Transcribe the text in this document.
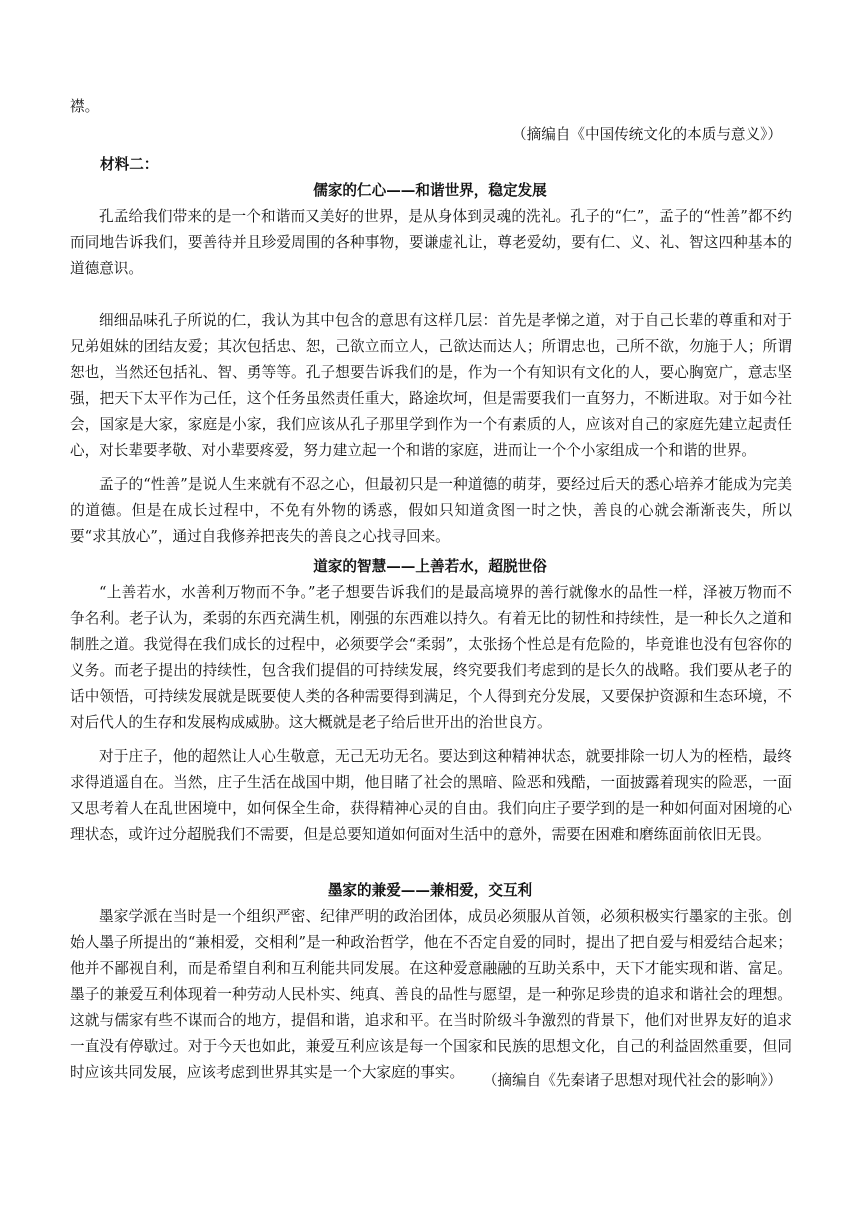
襟。
（摘编自《中国传统文化的本质与意义》）
材料二：
儒家的仁心——和谐世界，稳定发展
孔孟给我们带来的是一个和谐而又美好的世界，是从身体到灵魂的洗礼。孔子的“仁”，孟子的“性善”都不约而同地告诉我们，要善待并且珍爱周围的各种事物，要谦虚礼让，尊老爱幼，要有仁、义、礼、智这四种基本的道德意识。
细细品味孔子所说的仁，我认为其中包含的意思有这样几层：首先是孝悌之道，对于自己长辈的尊重和对于兄弟姐妹的团结友爱；其次包括忠、恕，己欲立而立人，己欲达而达人；所谓忠也，己所不欲，勿施于人；所谓恕也，当然还包括礼、智、勇等等。孔子想要告诉我们的是，作为一个有知识有文化的人，要心胸宽广，意志坚强，把天下太平作为己任，这个任务虽然责任重大，路途坎坷，但是需要我们一直努力，不断进取。对于如今社会，国家是大家，家庭是小家，我们应该从孔子那里学到作为一个有素质的人，应该对自己的家庭先建立起责任心，对长辈要孝敬、对小辈要疼爱，努力建立起一个和谐的家庭，进而让一个个小家组成一个和谐的世界。
孟子的“性善”是说人生来就有不忍之心，但最初只是一种道德的萌芽，要经过后天的悉心培养才能成为完美的道德。但是在成长过程中，不免有外物的诱惑，假如只知道贪图一时之快，善良的心就会渐渐丧失，所以要“求其放心”，通过自我修养把丧失的善良之心找寻回来。
道家的智慧——上善若水，超脱世俗
“上善若水，水善利万物而不争。”老子想要告诉我们的是最高境界的善行就像水的品性一样，泽被万物而不争名利。老子认为，柔弱的东西充满生机，刚强的东西难以持久。有着无比的韧性和持续性，是一种长久之道和制胜之道。我觉得在我们成长的过程中，必须要学会“柔弱”，太张扬个性总是有危险的，毕竟谁也没有包容你的义务。而老子提出的持续性，包含我们提倡的可持续发展，终究要我们考虑到的是长久的战略。我们要从老子的话中领悟，可持续发展就是既要使人类的各种需要得到满足，个人得到充分发展，又要保护资源和生态环境，不对后代人的生存和发展构成威胁。这大概就是老子给后世开出的治世良方。
对于庄子，他的超然让人心生敬意，无己无功无名。要达到这种精神状态，就要排除一切人为的桎梏，最终求得逍遥自在。当然，庄子生活在战国中期，他目睹了社会的黑暗、险恶和残酷，一面披露着现实的险恶，一面又思考着人在乱世困境中，如何保全生命，获得精神心灵的自由。我们向庄子要学到的是一种如何面对困境的心理状态，或许过分超脱我们不需要，但是总要知道如何面对生活中的意外，需要在困难和磨练面前依旧无畏。
墨家的兼爱——兼相爱，交互利
墨家学派在当时是一个组织严密、纪律严明的政治团体，成员必须服从首领，必须积极实行墨家的主张。创始人墨子所提出的“兼相爱，交相利”是一种政治哲学，他在不否定自爱的同时，提出了把自爱与相爱结合起来；他并不鄙视自利，而是希望自利和互利能共同发展。在这种爱意融融的互助关系中，天下才能实现和谐、富足。墨子的兼爱互利体现着一种劳动人民朴实、纯真、善良的品性与愿望，是一种弥足珍贵的追求和谐社会的理想。这就与儒家有些不谋而合的地方，提倡和谐，追求和平。在当时阶级斗争激烈的背景下，他们对世界友好的追求一直没有停歇过。对于今天也如此，兼爱互利应该是每一个国家和民族的思想文化，自己的利益固然重要，但同时应该共同发展，应该考虑到世界其实是一个大家庭的事实。	（摘编自《先秦诸子思想对现代社会的影响》）
